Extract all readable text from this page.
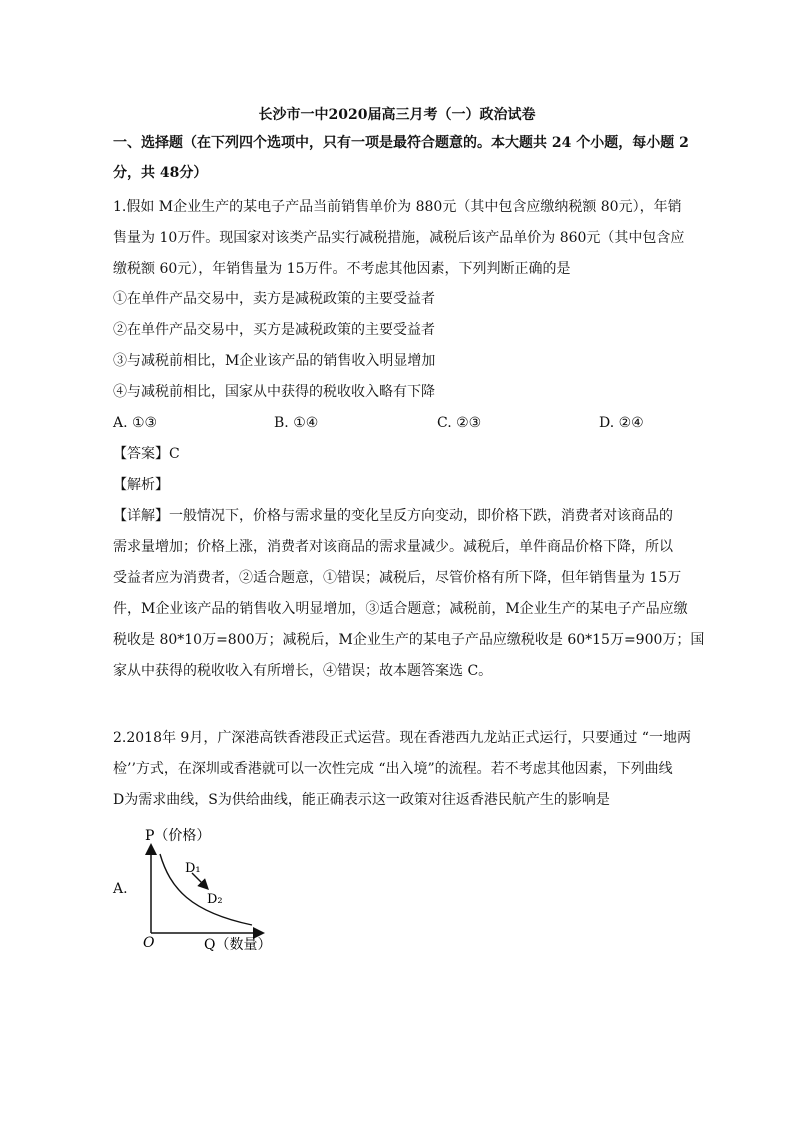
长沙市一中2020届高三月考（一）政治试卷
一、选择题（在下列四个选项中，只有一项是最符合题意的。本大题共 24 个小题，每小题 2
分，共 48分）
1.假如 M企业生产的某电子产品当前销售单价为 880元（其中包含应缴纳税额 80元），年销
售量为 10万件。现国家对该类产品实行减税措施，减税后该产品单价为 860元（其中包含应
缴税额 60元），年销售量为 15万件。不考虑其他因素，下列判断正确的是
①在单件产品交易中，卖方是减税政策的主要受益者
②在单件产品交易中，买方是减税政策的主要受益者
③与减税前相比，M企业该产品的销售收入明显增加
④与减税前相比，国家从中获得的税收收入略有下降
A. ①③	B. ①④	C. ②③	D. ②④
【答案】C
【解析】
【详解】一般情况下，价格与需求量的变化呈反方向变动，即价格下跌，消费者对该商品的
需求量增加；价格上涨，消费者对该商品的需求量减少。减税后，单件商品价格下降，所以
受益者应为消费者，②适合题意，①错误；减税后，尽管价格有所下降，但年销售量为 15万
件，M企业该产品的销售收入明显增加，③适合题意；减税前，M企业生产的某电子产品应缴
税收是 80*10万=800万；减税后，M企业生产的某电子产品应缴税收是 60*15万=900万；国
家从中获得的税收收入有所增长，④错误；故本题答案选 C。
2.2018年 9月，广深港高铁香港段正式运营。现在香港西九龙站正式运行，只要通过 “一地两
检’’方式，在深圳或香港就可以一次性完成 “出入境”的流程。若不考虑其他因素，下列曲线
D为需求曲线，S为供给曲线，能正确表示这一政策对往返香港民航产生的影响是
A.
P（价格）
Q（数量）
O
D₁
D₂
